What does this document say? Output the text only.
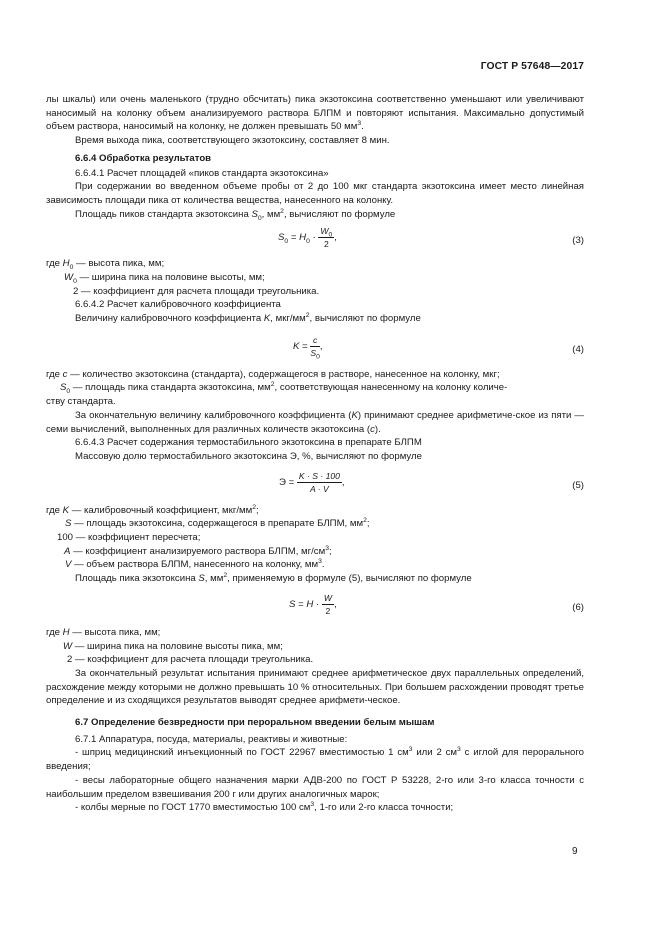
ГОСТ Р 57648—2017

лы шкалы) или очень маленького (трудно обсчитать) пика экзотоксина соответственно уменьшают или увеличивают наносимый на колонку объем анализируемого раствора БЛПМ и повторяют испытания. Максимально допустимый объем раствора, наносимый на колонку, не должен превышать 50 $мм^3$.

Время выхода пика, соответствующего экзотоксину, составляет 8 мин.

6.6.4 Обработка результатов

6.6.4.1 Расчет площадей «пиков стандарта экзотоксина»

При содержании во введенном объеме пробы от 2 до 100 мкг стандарта экзотоксина имеет место линейная зависимость площади пика от количества вещества, нанесенного на колонку.

Площадь пиков стандарта экзотоксина $S_0$, $мм^2$, вычисляют по формуле

$S_0 = H_0 \cdot \frac{W_0}{2}$ ,	(3)
где $H_0$ — высота пика, мм;
$W_0$ — ширина пика на половине высоты, мм;
2 — коэффициент для расчета площади треугольника.

6.6.4.2 Расчет калибровочного коэффициента

Величину калибровочного коэффициента K, мкг/$мм^2$, вычисляют по формуле

$K = \frac{c}{S_0}$ ,	(4)
где c — количество экзотоксина (стандарта), содержащегося в растворе, нанесенное на колонку, мкг;
$S_0$ — площадь пика стандарта экзотоксина, $мм^2$, соответствующая нанесенному на колонку количе-
ству стандарта.

За окончательную величину калибровочного коэффициента (K) принимают среднее арифметиче-ское из пяти — семи вычислений, выполненных для различных количеств экзотоксина (c).

6.6.4.3 Расчет содержания термостабильного экзотоксина в препарате БЛПМ

Массовую долю термостабильного экзотоксина Э, %, вычисляют по формуле

$Э = \frac{K \cdot S \cdot 100}{A \cdot V}$ ,	(5)
где K — калибровочный коэффициент, мкг/$мм^2$;
S — площадь экзотоксина, содержащегося в препарате БЛПМ, $мм^2$;
100 — коэффициент пересчета;
A — коэффициент анализируемого раствора БЛПМ, $мг/см^3$;
V — объем раствора БЛПМ, нанесенного на колонку, $мм^3$.

Площадь пика экзотоксина S, $мм^2$, применяемую в формуле (5), вычисляют по формуле

$S = H \cdot \frac{W}{2}$ ,	(6)
где H — высота пика, мм;
W — ширина пика на половине высоты пика, мм;
2 — коэффициент для расчета площади треугольника.

За окончательный результат испытания принимают среднее арифметическое двух параллельных определений, расхождение между которыми не должно превышать 10 % относительных. При большем расхождении проводят третье определение и из сходящихся результатов выводят среднее арифмети-ческое.

6.7 Определение безвредности при пероральном введении белым мышам

6.7.1 Аппаратура, посуда, материалы, реактивы и животные:

- шприц медицинский инъекционный по ГОСТ 22967 вместимостью 1 $см^3$ или 2 $см^3$ с иглой для перорального введения;

- весы лабораторные общего назначения марки АДВ-200 по ГОСТ Р 53228, 2-го или 3-го класса точности с наибольшим пределом взвешивания 200 г или других аналогичных марок;

- колбы мерные по ГОСТ 1770 вместимостью 100 $см^3$, 1-го или 2-го класса точности;

9
